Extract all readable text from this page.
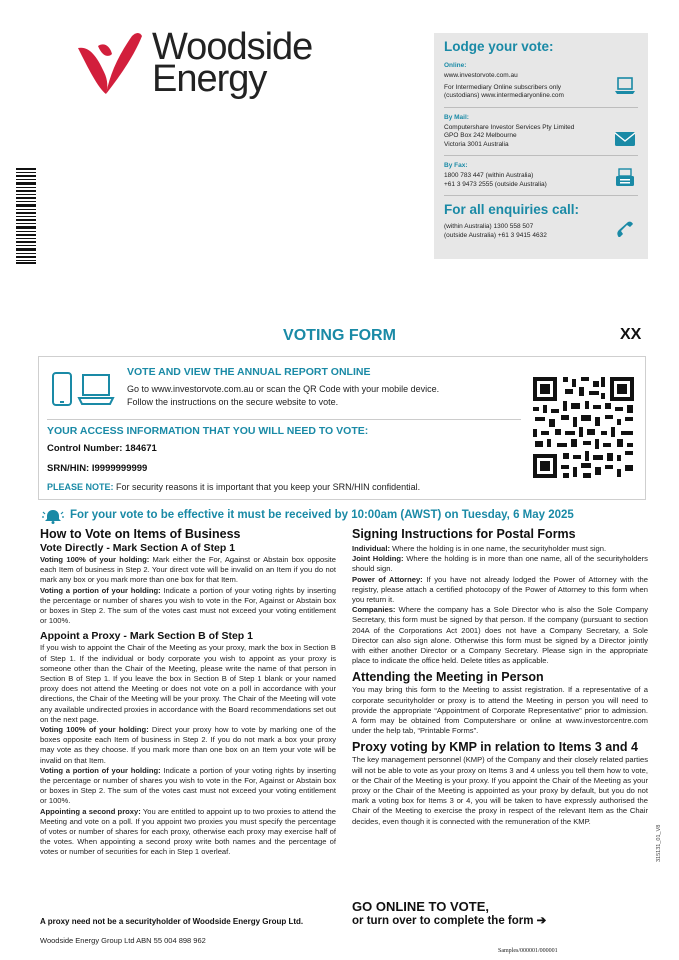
Woodside
Energy
Lodge your vote:
Online:
www.investorvote.com.au
For Intermediary Online subscribers only
(custodians) www.intermediaryonline.com
By Mail:
Computershare Investor Services Pty Limited
GPO Box 242 Melbourne
Victoria 3001 Australia
By Fax:
1800 783 447 (within Australia)
+61 3 9473 2555 (outside Australia)
For all enquiries call:
(within Australia) 1300 558 507
(outside Australia) +61 3 9415 4632
VOTING FORM	XX
VOTE AND VIEW THE ANNUAL REPORT ONLINE
Go to www.investorvote.com.au or scan the QR Code with your mobile device.
Follow the instructions on the secure website to vote.
YOUR ACCESS INFORMATION THAT YOU WILL NEED TO VOTE:
Control Number: 184671
SRN/HIN: I9999999999
PLEASE NOTE: For security reasons it is important that you keep your SRN/HIN confidential.
For your vote to be effective it must be received by 10:00am (AWST) on Tuesday, 6 May 2025
How to Vote on Items of Business
Vote Directly - Mark Section A of Step 1

Voting 100% of your holding: Mark either the For, Against or Abstain box opposite each Item of business in Step 2. Your direct vote will be invalid on an Item if you do not mark any box or you mark more than one box for that Item.

Voting a portion of your holding: Indicate a portion of your voting rights by inserting the percentage or number of shares you wish to vote in the For, Against or Abstain box or boxes in Step 2. The sum of the votes cast must not exceed your voting entitlement or 100%.

Appoint a Proxy - Mark Section B of Step 1

If you wish to appoint the Chair of the Meeting as your proxy, mark the box in Section B of Step 1. If the individual or body corporate you wish to appoint as your proxy is someone other than the Chair of the Meeting, please write the name of that person in Section B of Step 1. If you leave the box in Section B of Step 1 blank or your named proxy does not attend the Meeting or does not vote on a poll in accordance with your directions, the Chair of the Meeting will be your proxy. The Chair of the Meeting will vote any available undirected proxies in accordance with the Board recommendations set out on the next page.

Voting 100% of your holding: Direct your proxy how to vote by marking one of the boxes opposite each Item of business in Step 2. If you do not mark a box your proxy may vote as they choose. If you mark more than one box on an Item your vote will be invalid on that Item.

Voting a portion of your holding: Indicate a portion of your voting rights by inserting the percentage or number of shares you wish to vote in the For, Against or Abstain box or boxes in Step 2. The sum of the votes cast must not exceed your voting entitlement or 100%.

Appointing a second proxy: You are entitled to appoint up to two proxies to attend the Meeting and vote on a poll. If you appoint two proxies you must specify the percentage of votes or number of shares for each proxy, otherwise each proxy may exercise half of the votes. When appointing a second proxy write both names and the percentage of votes or number of securities for each in Step 1 overleaf.

A proxy need not be a securityholder of Woodside Energy Group Ltd.
Woodside Energy Group Ltd ABN 55 004 898 962
Signing Instructions for Postal Forms

Individual: Where the holding is in one name, the securityholder must sign.

Joint Holding: Where the holding is in more than one name, all of the securityholders should sign.

Power of Attorney: If you have not already lodged the Power of Attorney with the registry, please attach a certified photocopy of the Power of Attorney to this form when you return it.

Companies: Where the company has a Sole Director who is also the Sole Company Secretary, this form must be signed by that person. If the company (pursuant to section 204A of the Corporations Act 2001) does not have a Company Secretary, a Sole Director can also sign alone. Otherwise this form must be signed by a Director jointly with either another Director or a Company Secretary. Please sign in the appropriate place to indicate the office held. Delete titles as applicable.

Attending the Meeting in Person

You may bring this form to the Meeting to assist registration. If a representative of a corporate securityholder or proxy is to attend the Meeting in person you will need to provide the appropriate “Appointment of Corporate Representative” prior to admission. A form may be obtained from Computershare or online at www.investorcentre.com under the help tab, “Printable Forms”.

Proxy voting by KMP in relation to Items 3 and 4

The key management personnel (KMP) of the Company and their closely related parties will not be able to vote as your proxy on Items 3 and 4 unless you tell them how to vote, or the Chair of the Meeting is your proxy. If you appoint the Chair of the Meeting as your proxy or the Chair of the Meeting is appointed as your proxy by default, but you do not mark a voting box for Items 3 or 4, you will be taken to have expressly authorised the Chair of the Meeting to exercise the proxy in respect of the relevant Item as the Chair decides, even though it is connected with the remuneration of the KMP.

GO ONLINE TO VOTE,
or turn over to complete the form ➔
Samples/000001/000001
315131_01_V8
